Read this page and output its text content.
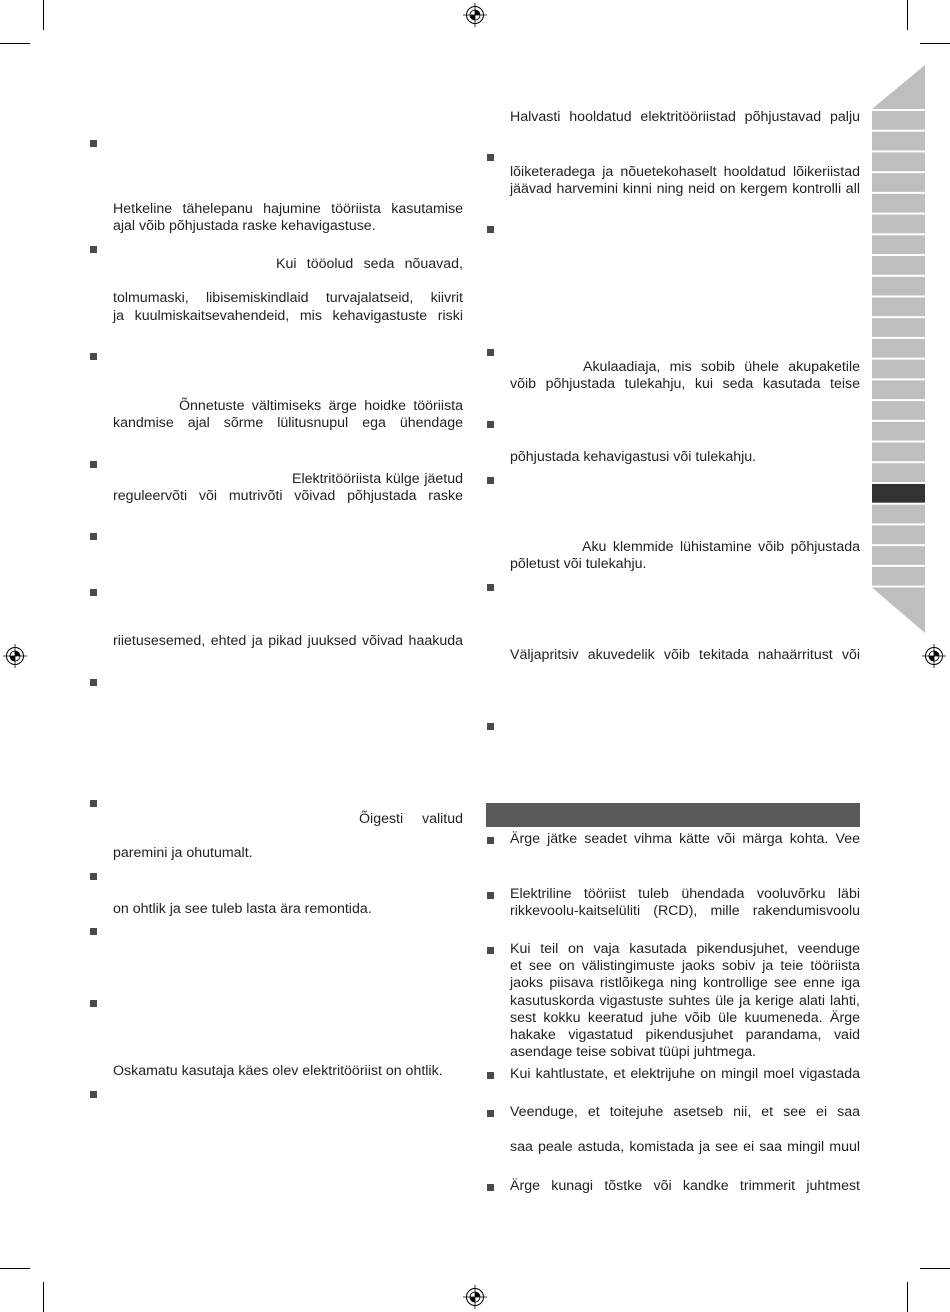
Hetkeline tähelepanu hajumine tööriista kasutamise

ajal võib põhjustada raske kehavigastuse.

Kui tööolud seda nõuavad,

tolmumaski, libisemiskindlaid turvajalatseid, kiivrit

ja kuulmiskaitsevahendeid, mis kehavigastuste riski

Õnnetuste vältimiseks ärge hoidke tööriista

kandmise ajal sõrme lülitusnupul ega ühendage

Elektritööriista külge jäetud

reguleervõti või mutrivõti võivad põhjustada raske

riietusesemed, ehted ja pikad juuksed võivad haakuda

Õigesti valitud

paremini ja ohutumalt.

on ohtlik ja see tuleb lasta ära remontida.

Oskamatu kasutaja käes olev elektritööriist on ohtlik.

Halvasti hooldatud elektritööriistad põhjustavad palju

lõiketeradega ja nõuetekohaselt hooldatud lõikeriistad

jäävad harvemini kinni ning neid on kergem kontrolli all

Akulaadiaja, mis sobib ühele akupaketile

võib põhjustada tulekahju, kui seda kasutada teise

põhjustada kehavigastusi või tulekahju.

Aku klemmide lühistamine võib põhjustada

põletust või tulekahju.

Väljapritsiv akuvedelik võib tekitada nahaärritust või

Ärge jätke seadet vihma kätte või märga kohta. Vee

Elektriline tööriist tuleb ühendada vooluvõrku läbi

rikkevoolu-kaitselüliti (RCD), mille rakendumisvoolu

Kui teil on vaja kasutada pikendusjuhet, veenduge

et see on välistingimuste jaoks sobiv ja teie tööriista

jaoks piisava ristlõikega ning kontrollige see enne iga

kasutuskorda vigastuste suhtes üle ja kerige alati lahti,

sest kokku keeratud juhe võib üle kuumeneda. Ärge

hakake vigastatud pikendusjuhet parandama, vaid

asendage teise sobivat tüüpi juhtmega.

Kui kahtlustate, et elektrijuhe on mingil moel vigastada

Veenduge, et toitejuhe asetseb nii, et see ei saa

saa peale astuda, komistada ja see ei saa mingil muul

Ärge kunagi tõstke või kandke trimmerit juhtmest
